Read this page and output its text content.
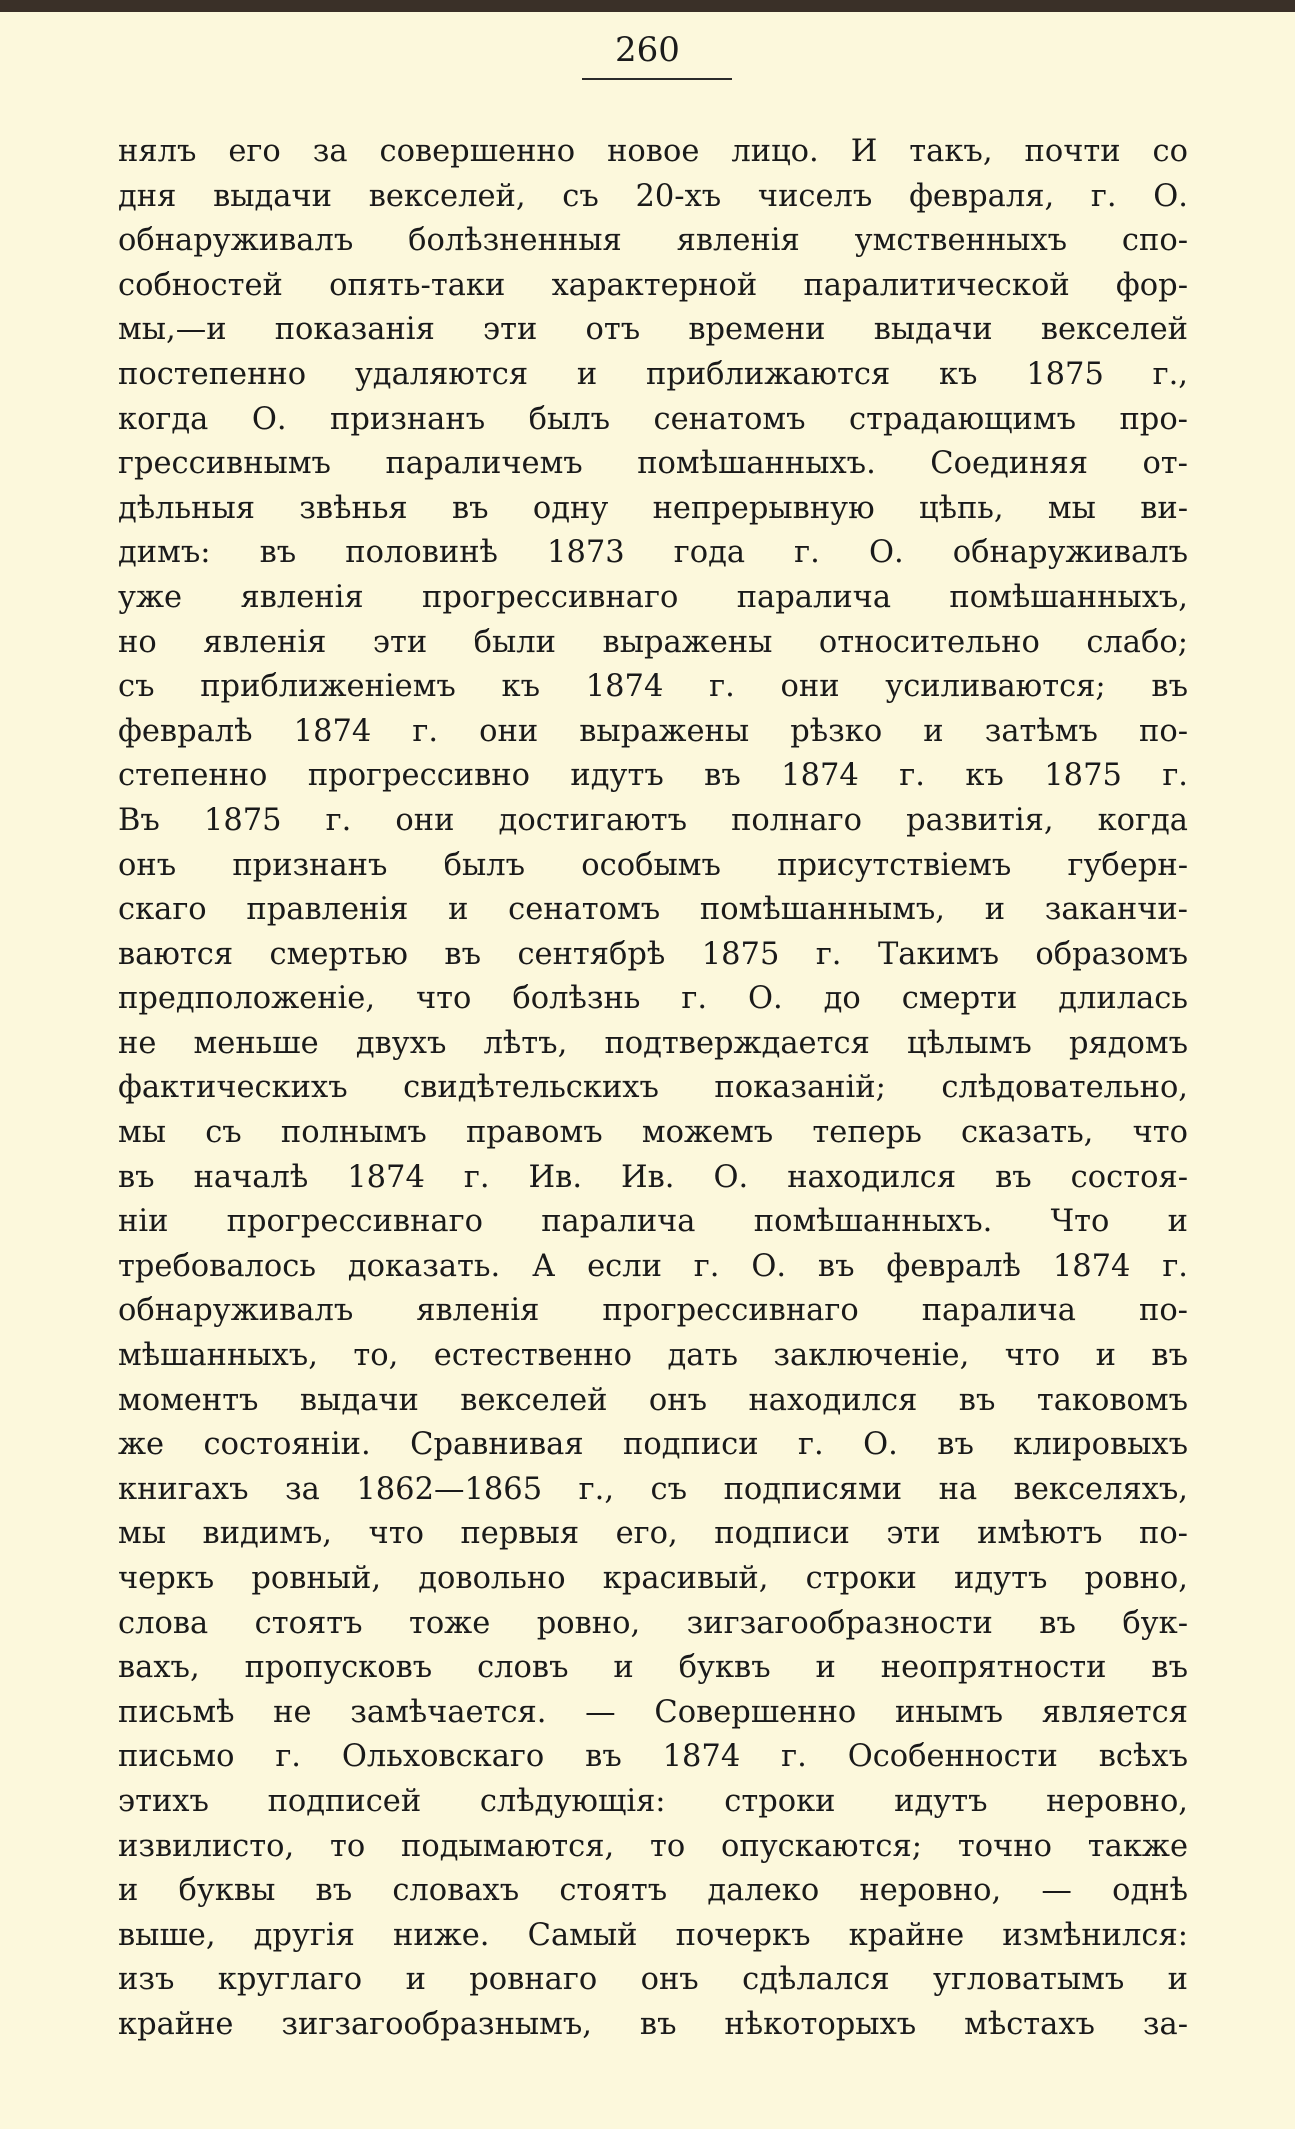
260
нялъ его за совершенно новое лицо. И такъ, почти со
дня выдачи векселей, съ 20-хъ чиселъ февраля, г. О.
обнаруживалъ болѣзненныя явленія умственныхъ спо-
собностей опять-таки характерной паралитической фор-
мы,—и показанія эти отъ времени выдачи векселей
постепенно удаляются и приближаются къ 1875 г.,
когда О. признанъ былъ сенатомъ страдающимъ про-
грессивнымъ параличемъ помѣшанныхъ. Соединяя от-
дѣльныя звѣнья въ одну непрерывную цѣпь, мы ви-
димъ: въ половинѣ 1873 года г. О. обнаруживалъ
уже явленія прогрессивнаго паралича помѣшанныхъ,
но явленія эти были выражены относительно слабо;
съ приближеніемъ къ 1874 г. они усиливаются; въ
февралѣ 1874 г. они выражены рѣзко и затѣмъ по-
степенно прогрессивно идутъ въ 1874 г. къ 1875 г.
Въ 1875 г. они достигаютъ полнаго развитія, когда
онъ признанъ былъ особымъ присутствіемъ губерн-
скаго правленія и сенатомъ помѣшаннымъ, и заканчи-
ваются смертью въ сентябрѣ 1875 г. Такимъ образомъ
предположеніе, что болѣзнь г. О. до смерти длилась
не меньше двухъ лѣтъ, подтверждается цѣлымъ рядомъ
фактическихъ свидѣтельскихъ показаній; слѣдовательно,
мы съ полнымъ правомъ можемъ теперь сказать, что
въ началѣ 1874 г. Ив. Ив. О. находился въ состоя-
ніи прогрессивнаго паралича помѣшанныхъ. Что и
требовалось доказать. А если г. О. въ февралѣ 1874 г.
обнаруживалъ явленія прогрессивнаго паралича по-
мѣшанныхъ, то, естественно дать заключеніе, что и въ
моментъ выдачи векселей онъ находился въ таковомъ
же состояніи. Сравнивая подписи г. О. въ клировыхъ
книгахъ за 1862—1865 г., съ подписями на векселяхъ,
мы видимъ, что первыя его, подписи эти имѣютъ по-
черкъ ровный, довольно красивый, строки идутъ ровно,
слова стоятъ тоже ровно, зигзагообразности въ бук-
вахъ, пропусковъ словъ и буквъ и неопрятности въ
письмѣ не замѣчается. — Совершенно инымъ является
письмо г. Ольховскаго въ 1874 г. Особенности всѣхъ
этихъ подписей слѣдующія: строки идутъ неровно,
извилисто, то подымаются, то опускаются; точно также
и буквы въ словахъ стоятъ далеко неровно, — однѣ
выше, другія ниже. Самый почеркъ крайне измѣнился:
изъ круглаго и ровнаго онъ сдѣлался угловатымъ и
крайне зигзагообразнымъ, въ нѣкоторыхъ мѣстахъ за-
